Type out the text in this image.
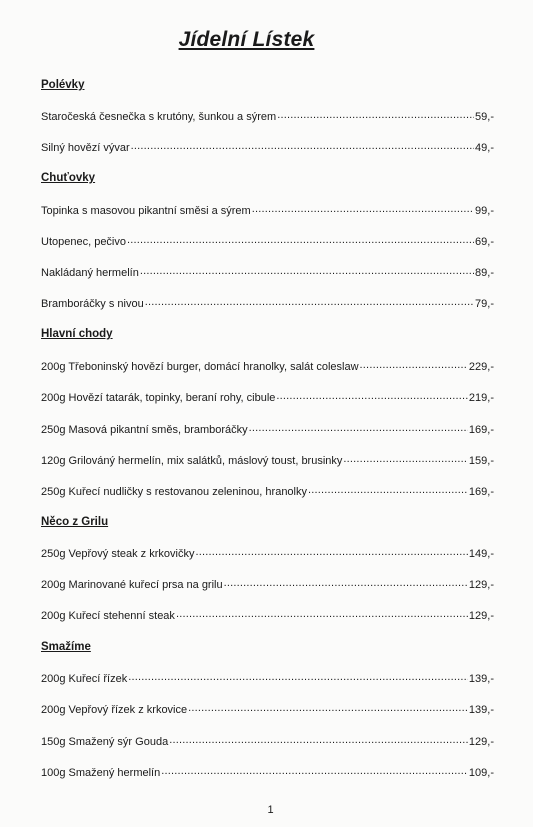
Jídelní Lístek
Polévky
Staročeská česnečka s krutóny, šunkou a sýrem .....	59,-
Silný hovězí vývar .....	49,-
Chuťovky
Topinka s masovou pikantní směsi a sýrem .....	99,-
Utopenec, pečivo .....	69,-
Nakládaný hermelín .....	89,-
Bramboráčky s nivou .....	79,-
Hlavní chody
200g Třeboninský hovězí burger, domácí hranolky, salát coleslaw .....	229,-
200g Hovězí tatarák, topinky, beraní rohy, cibule .....	219,-
250g Masová pikantní směs, bramboráčky .....	169,-
120g Grilováný hermelín, mix salátků, máslový toust, brusinky .....	159,-
250g Kuřecí nudličky s restovanou zeleninou, hranolky .....	169,-
Něco z Grilu
250g Vepřový steak z krkovičky .....	149,-
200g Marinované kuřecí prsa na grilu .....	129,-
200g Kuřecí stehenní steak .....	129,-
Smažíme
200g Kuřecí řízek .....	139,-
200g Vepřový řízek z krkovice .....	139,-
150g Smažený sýr Gouda .....	129,-
100g Smažený hermelín .....	109,-
1
